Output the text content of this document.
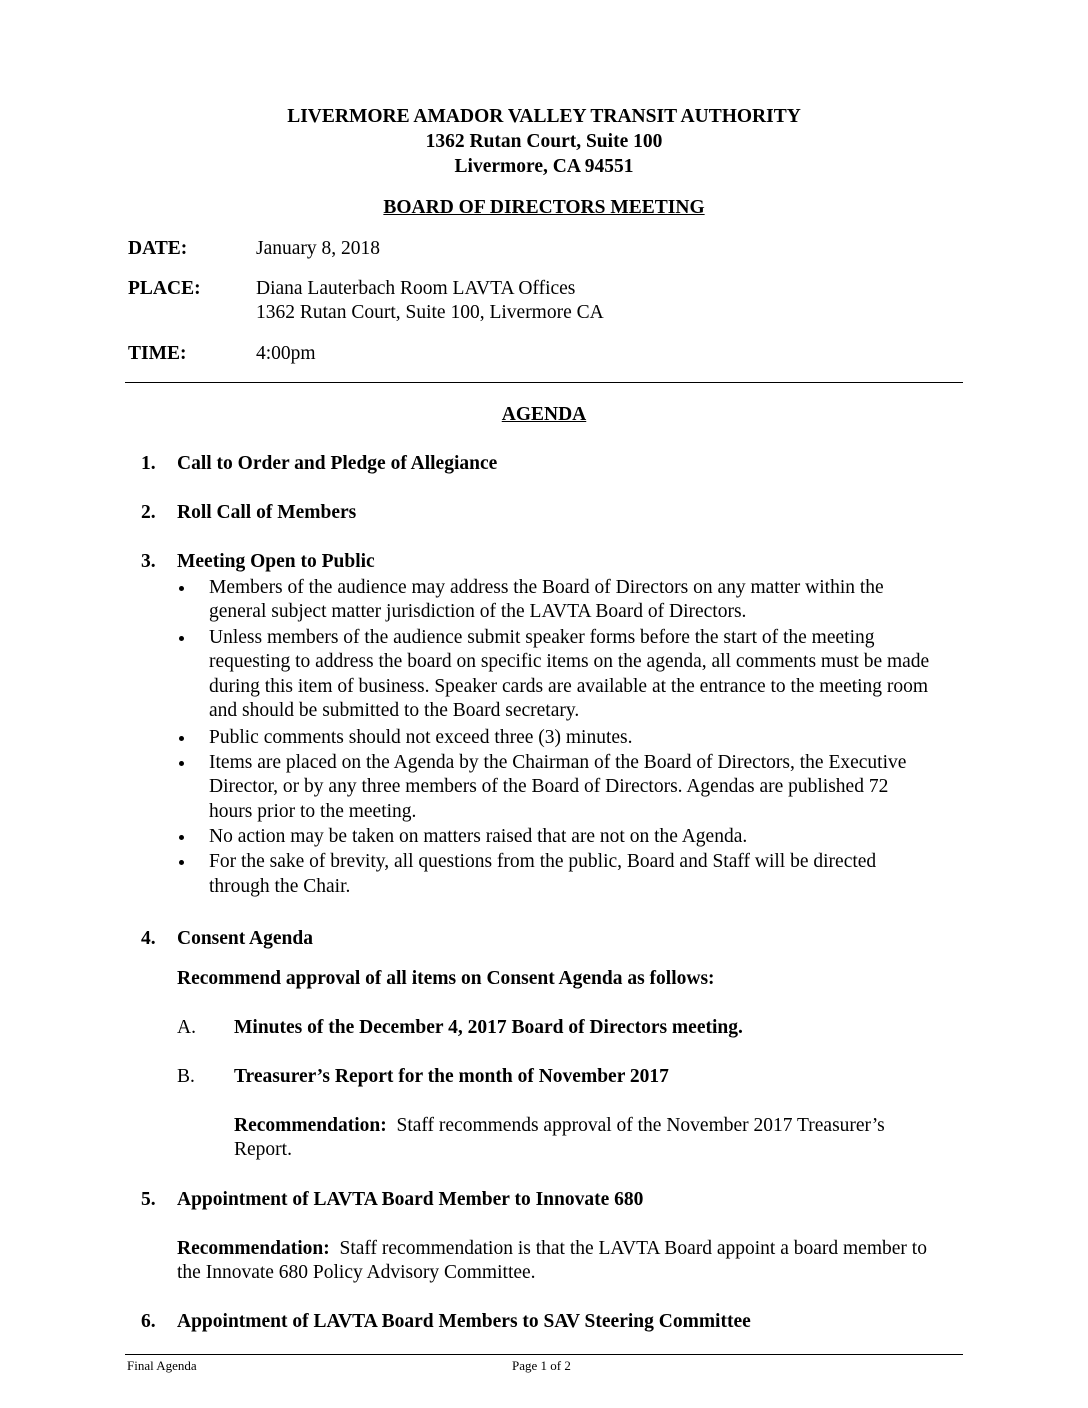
LIVERMORE AMADOR VALLEY TRANSIT AUTHORITY
1362 Rutan Court, Suite 100
Livermore, CA 94551
BOARD OF DIRECTORS MEETING
DATE:	January 8, 2018
PLACE:	Diana Lauterbach Room LAVTA Offices
1362 Rutan Court, Suite 100, Livermore CA
TIME:	4:00pm
AGENDA
1. Call to Order and Pledge of Allegiance
2. Roll Call of Members
3. Meeting Open to Public
Members of the audience may address the Board of Directors on any matter within the
general subject matter jurisdiction of the LAVTA Board of Directors.
Unless members of the audience submit speaker forms before the start of the meeting
requesting to address the board on specific items on the agenda, all comments must be made
during this item of business. Speaker cards are available at the entrance to the meeting room
and should be submitted to the Board secretary.
Public comments should not exceed three (3) minutes.
Items are placed on the Agenda by the Chairman of the Board of Directors, the Executive
Director, or by any three members of the Board of Directors. Agendas are published 72
hours prior to the meeting.
No action may be taken on matters raised that are not on the Agenda.
For the sake of brevity, all questions from the public, Board and Staff will be directed
through the Chair.
4. Consent Agenda
Recommend approval of all items on Consent Agenda as follows:
A. Minutes of the December 4, 2017 Board of Directors meeting.
B. Treasurer’s Report for the month of November 2017
Recommendation:  Staff recommends approval of the November 2017 Treasurer’s
Report.
5. Appointment of LAVTA Board Member to Innovate 680
Recommendation:  Staff recommendation is that the LAVTA Board appoint a board member to
the Innovate 680 Policy Advisory Committee.
6. Appointment of LAVTA Board Members to SAV Steering Committee
Final Agenda	Page 1 of 2
